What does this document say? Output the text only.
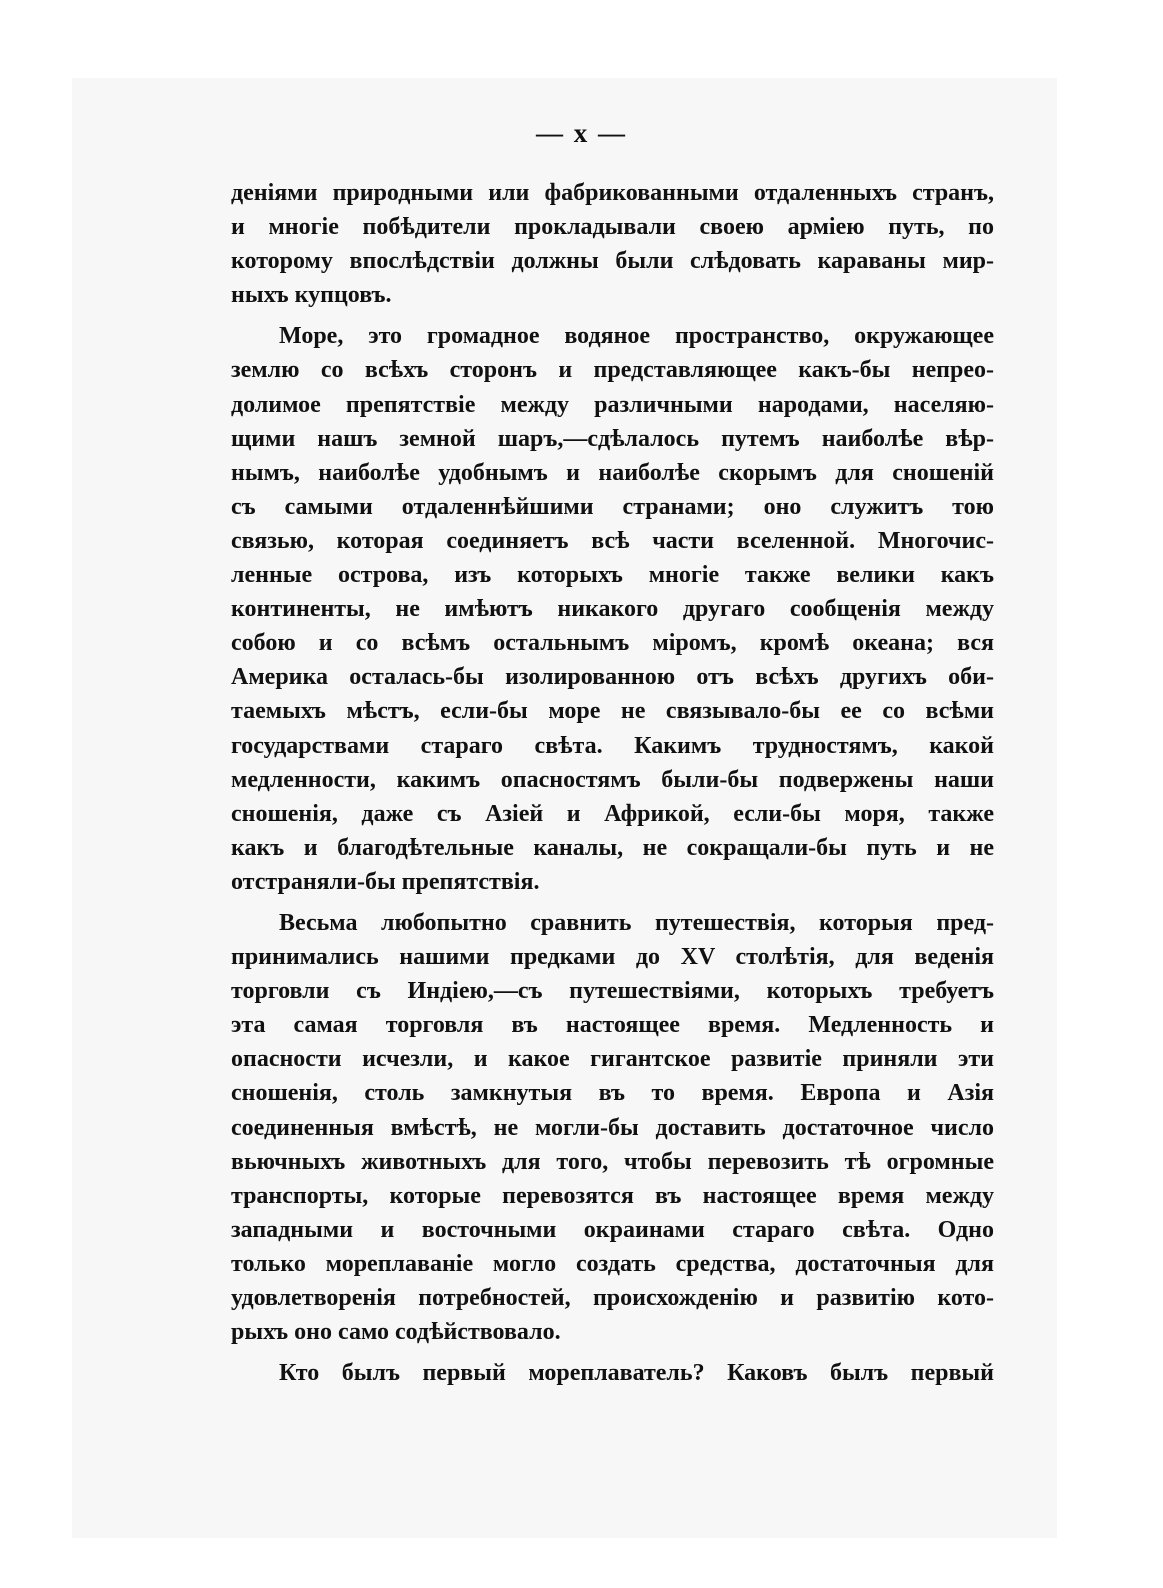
— x —
деніями природными или фабрикованными отдаленныхъ странъ,
и многіе побѣдители прокладывали своею арміею путь, по
которому впослѣдствіи должны были слѣдовать караваны мир-
ныхъ купцовъ.
Море, это громадное водяное пространство, окружающее
землю со всѣхъ сторонъ и представляющее какъ-бы непрео-
долимое препятствіе между различными народами, населяю-
щими нашъ земной шаръ,—сдѣлалось путемъ наиболѣе вѣр-
нымъ, наиболѣе удобнымъ и наиболѣе скорымъ для сношеній
съ самыми отдаленнѣйшими странами; оно служитъ тою
связью, которая соединяетъ всѣ части вселенной. Многочис-
ленные острова, изъ которыхъ многіе также велики какъ
континенты, не имѣютъ никакого другаго сообщенія между
собою и со всѣмъ остальнымъ міромъ, кромѣ океана; вся
Америка осталась-бы изолированною отъ всѣхъ другихъ оби-
таемыхъ мѣстъ, если-бы море не связывало-бы ее со всѣми
государствами стараго свѣта. Какимъ трудностямъ, какой
медленности, какимъ опасностямъ были-бы подвержены наши
сношенія, даже съ Азіей и Африкой, если-бы моря, также
какъ и благодѣтельные каналы, не сокращали-бы путь и не
отстраняли-бы препятствія.
Весьма любопытно сравнить путешествія, которыя пред-
принимались нашими предками до XV столѣтія, для веденія
торговли съ Индіею,—съ путешествіями, которыхъ требуетъ
эта самая торговля въ настоящее время. Медленность и
опасности исчезли, и какое гигантское развитіе приняли эти
сношенія, столь замкнутыя въ то время. Европа и Азія
соединенныя вмѣстѣ, не могли-бы доставить достаточное число
вьючныхъ животныхъ для того, чтобы перевозить тѣ огромные
транспорты, которые перевозятся въ настоящее время между
западными и восточными окраинами стараго свѣта. Одно
только мореплаваніе могло создать средства, достаточныя для
удовлетворенія потребностей, происхожденію и развитію кото-
рыхъ оно само содѣйствовало.
Кто былъ первый мореплаватель? Каковъ былъ первый
